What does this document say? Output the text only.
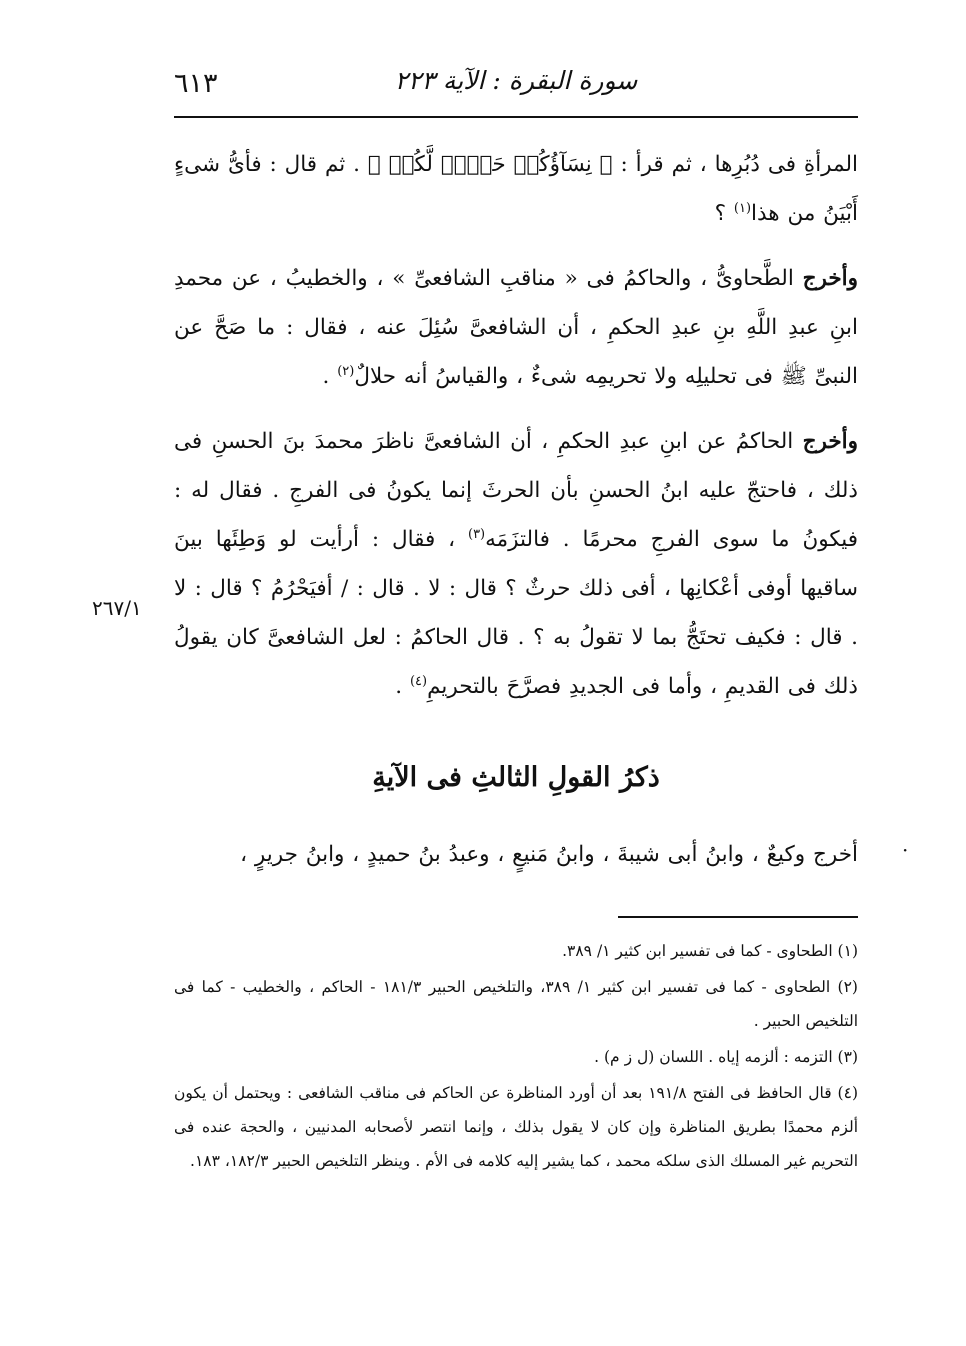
٦١٣	سورة البقرة : الآية ٢٢٣

المرأةِ فى دُبُرِها ، ثم قرأ : ﴿ نِسَآؤُكُمۡ حَرۡثٞ لَّكُمۡ ﴾ . ثم قال : فأىُّ شىءٍ أَبْيَنُ من هذا$^{(١)}$ ؟

وأخرج الطَّحاوىُّ ، والحاكمُ فى « مناقبِ الشافعىِّ » ، والخطيبُ ، عن محمدِ ابنِ عبدِ اللَّهِ بنِ عبدِ الحكمِ ، أن الشافعىَّ سُئِلَ عنه ، فقال : ما صَحَّ عن النبىِّ ﷺ فى تحليلِه ولا تحريمِه شىءٌ ، والقياسُ أنه حلالٌ$^{(٢)}$ .

وأخرج الحاكمُ عن ابنِ عبدِ الحكمِ ، أن الشافعىَّ ناظرَ محمدَ بنَ الحسنِ فى ذلك ، فاحتجّ عليه ابنُ الحسنِ بأن الحرثَ إنما يكونُ فى الفرجِ . فقال له : فيكونُ ما سوى الفرجِ محرمًا . فالتزَمَه$^{(٣)}$ ، فقال : أرأيت لو وَطِئَها بينَ ساقيها أوفى أعْكانِها ، أفى ذلك حرثٌ ؟ قال : لا . قال : / أفيَحْرُمُ ؟ قال : لا . قال : فكيف تحتَجُّ بما لا تقولُ به ؟ . قال الحاكمُ : لعل الشافعىَّ كان يقولُ ذلك فى القديمِ ، وأما فى الجديدِ فصرَّحَ بالتحريمِ$^{(٤)}$ .

٢٦٧/١
ذكرُ القولِ الثالثِ فى الآيةِ

أخرج وكيعٌ ، وابنُ أبى شيبةَ ، وابنُ مَنيعٍ ، وعبدُ بنُ حميدٍ ، وابنُ جريرٍ ، ·

(١) الطحاوى - كما فى تفسير ابن كثير ١/ ٣٨٩.

(٢) الطحاوى - كما فى تفسير ابن كثير ١/ ٣٨٩، والتلخيص الحبير ١٨١/٣ - الحاكم ، والخطيب - كما فى التلخيص الحبير .

(٣) التزمه : ألزمه إياه . اللسان (ل ز م) .

(٤) قال الحافظ فى الفتح ١٩١/٨ بعد أن أورد المناظرة عن الحاكم فى مناقب الشافعى : ويحتمل أن يكون ألزم محمدًا بطريق المناظرة وإن كان لا يقول بذلك ، وإنما انتصر لأصحابه المدنيين ، والحجة عنده فى التحريم غير المسلك الذى سلكه محمد ، كما يشير إليه كلامه فى الأم . وينظر التلخيص الحبير ١٨٢/٣، ١٨٣.
